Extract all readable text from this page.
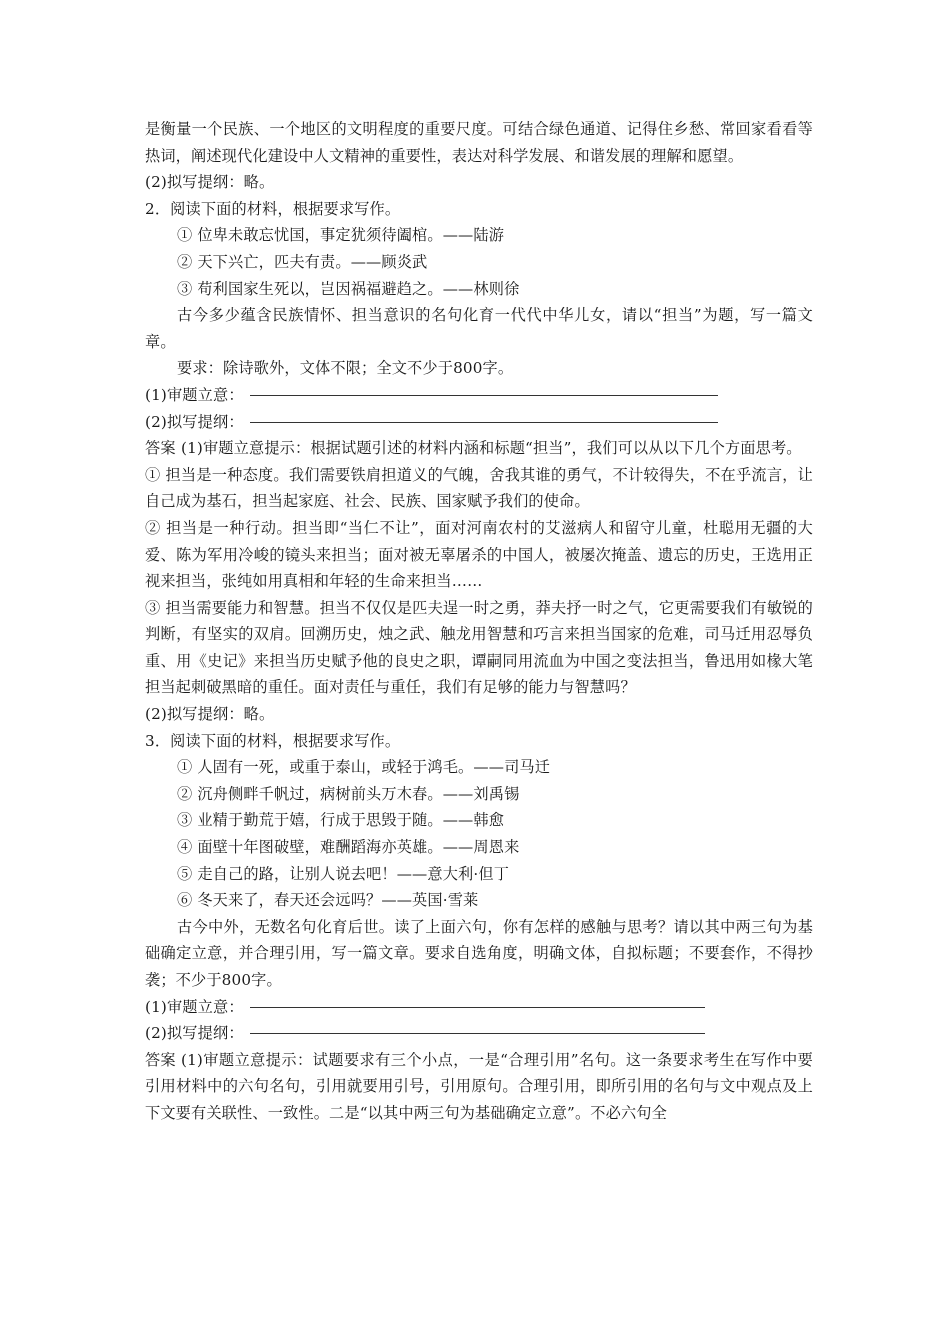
是衡量一个民族、一个地区的文明程度的重要尺度。可结合绿色通道、记得住乡愁、常回家看看等热词，阐述现代化建设中人文精神的重要性，表达对科学发展、和谐发展的理解和愿望。

(2)拟写提纲：略。

2．阅读下面的材料，根据要求写作。

① 位卑未敢忘忧国，事定犹须待阖棺。——陆游

② 天下兴亡，匹夫有责。——顾炎武

③ 苟利国家生死以，岂因祸福避趋之。——林则徐

古今多少蕴含民族情怀、担当意识的名句化育一代代中华儿女，请以“担当”为题，写一篇文章。

要求：除诗歌外，文体不限；全文不少于800字。

(1)审题立意：
(2)拟写提纲：

答案 (1)审题立意提示：根据试题引述的材料内涵和标题“担当”，我们可以从以下几个方面思考。

① 担当是一种态度。我们需要铁肩担道义的气魄，舍我其谁的勇气，不计较得失，不在乎流言，让自己成为基石，担当起家庭、社会、民族、国家赋予我们的使命。

② 担当是一种行动。担当即“当仁不让”，面对河南农村的艾滋病人和留守儿童，杜聪用无疆的大爱、陈为军用冷峻的镜头来担当；面对被无辜屠杀的中国人，被屡次掩盖、遗忘的历史，王选用正视来担当，张纯如用真相和年轻的生命来担当……

③ 担当需要能力和智慧。担当不仅仅是匹夫逞一时之勇，莽夫抒一时之气，它更需要我们有敏锐的判断，有坚实的双肩。回溯历史，烛之武、触龙用智慧和巧言来担当国家的危难，司马迁用忍辱负重、用《史记》来担当历史赋予他的良史之职，谭嗣同用流血为中国之变法担当，鲁迅用如椽大笔担当起刺破黑暗的重任。面对责任与重任，我们有足够的能力与智慧吗？

(2)拟写提纲：略。

3．阅读下面的材料，根据要求写作。

① 人固有一死，或重于泰山，或轻于鸿毛。——司马迁

② 沉舟侧畔千帆过，病树前头万木春。——刘禹锡

③ 业精于勤荒于嬉，行成于思毁于随。——韩愈

④ 面壁十年图破壁，难酬蹈海亦英雄。——周恩来

⑤ 走自己的路，让别人说去吧！——意大利·但丁

⑥ 冬天来了，春天还会远吗？——英国·雪莱

古今中外，无数名句化育后世。读了上面六句，你有怎样的感触与思考？请以其中两三句为基础确定立意，并合理引用，写一篇文章。要求自选角度，明确文体，自拟标题；不要套作，不得抄袭；不少于800字。

(1)审题立意：
(2)拟写提纲：

答案 (1)审题立意提示：试题要求有三个小点，一是“合理引用”名句。这一条要求考生在写作中要引用材料中的六句名句，引用就要用引号，引用原句。合理引用，即所引用的名句与文中观点及上下文要有关联性、一致性。二是“以其中两三句为基础确定立意”。不必六句全
